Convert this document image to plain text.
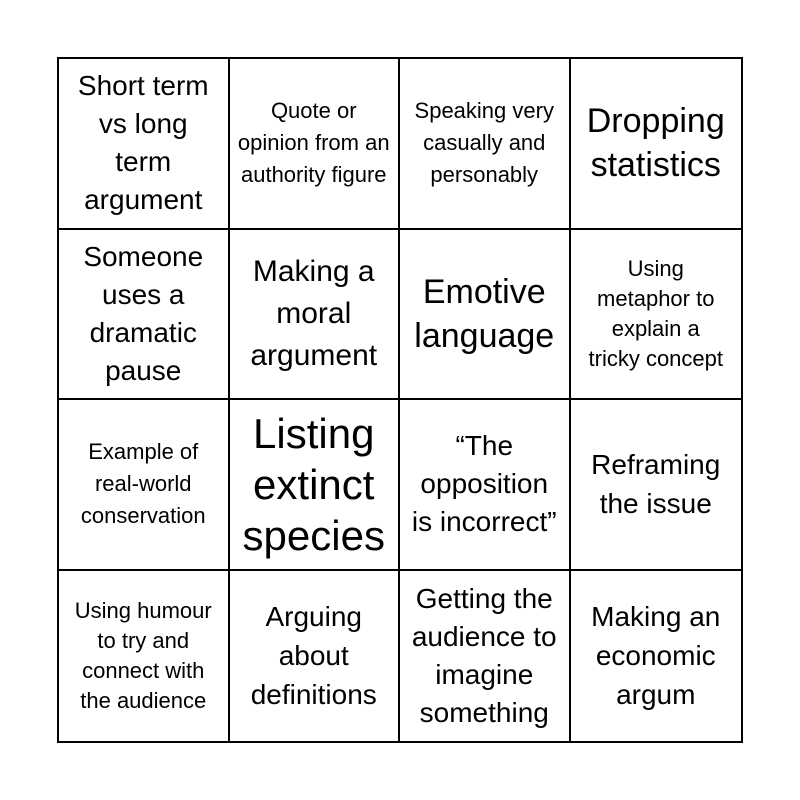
Short term vs long term argument
Quote or opinion from an authority figure
Speaking very casually and personably
Dropping statistics
Someone uses a dramatic pause
Making a moral argument
Emotive language
Using metaphor to explain a tricky concept
Example of real-world conservation
Listing extinct species
“The opposition is incorrect”
Reframing the issue
Using humour to try and connect with the audience
Arguing about definitions
Getting the audience to imagine something
Making an economic argum
